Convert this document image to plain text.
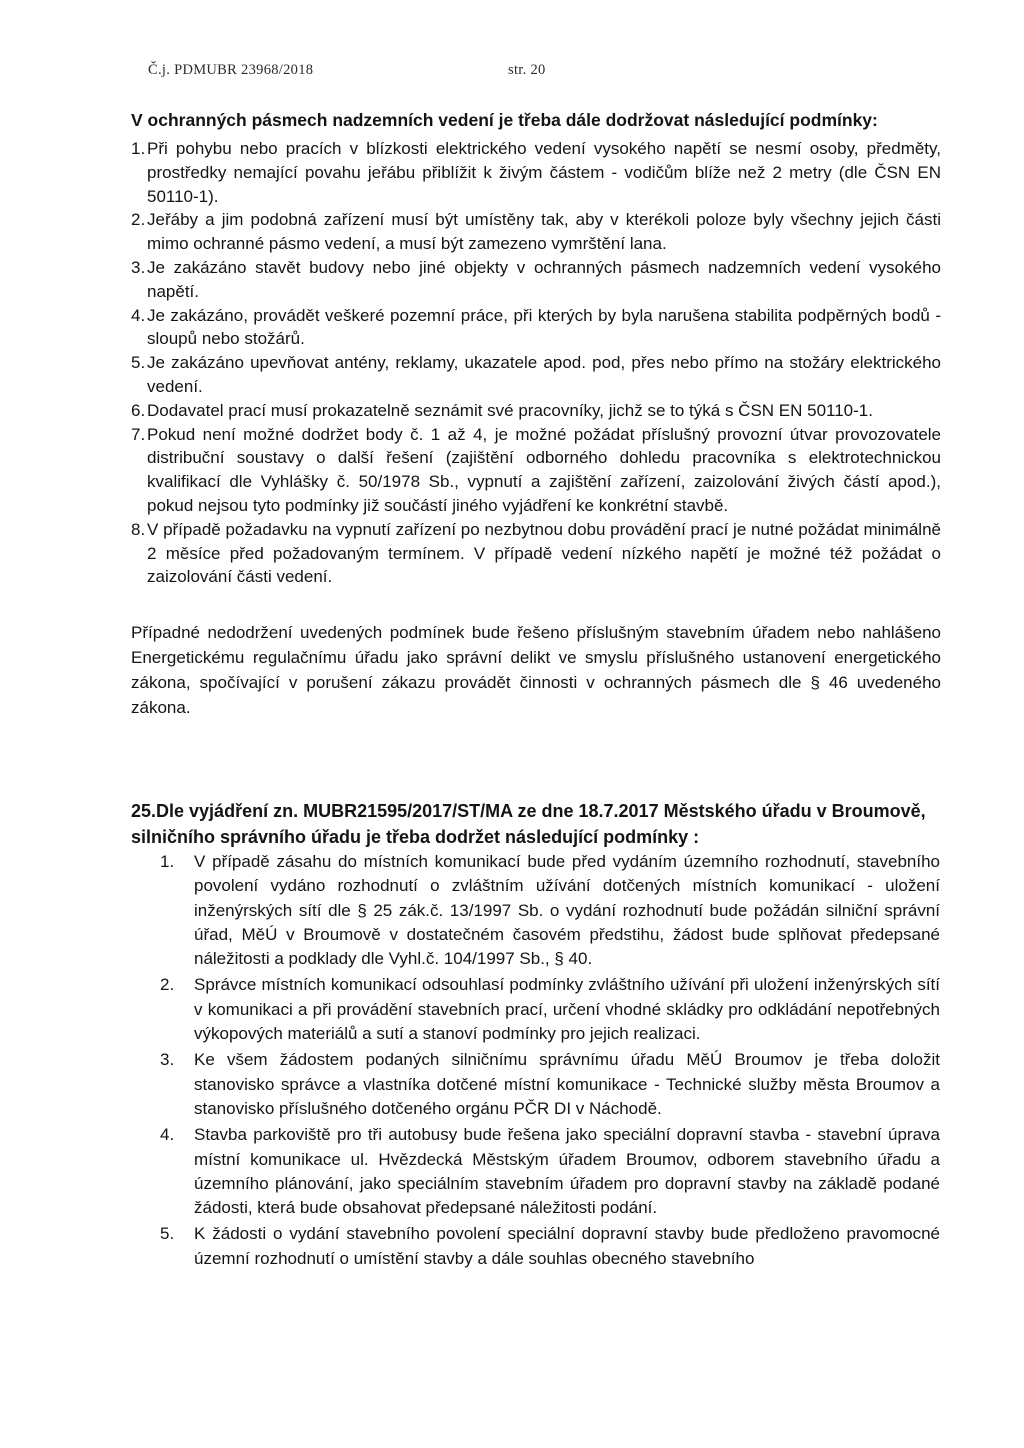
Č.j. PDMUBR 23968/2018	str. 20
V ochranných pásmech nadzemních vedení je třeba dále dodržovat následující podmínky:
1. Při pohybu nebo pracích v blízkosti elektrického vedení vysokého napětí se nesmí osoby, předměty, prostředky nemající povahu jeřábu přiblížit k živým částem - vodičům blíže než 2 metry (dle ČSN EN 50110-1).
2. Jeřáby a jim podobná zařízení musí být umístěny tak, aby v kterékoli poloze byly všechny jejich části mimo ochranné pásmo vedení, a musí být zamezeno vymrštění lana.
3. Je zakázáno stavět budovy nebo jiné objekty v ochranných pásmech nadzemních vedení vysokého napětí.
4. Je zakázáno, provádět veškeré pozemní práce, při kterých by byla narušena stabilita podpěrných bodů - sloupů nebo stožárů.
5. Je zakázáno upevňovat antény, reklamy, ukazatele apod. pod, přes nebo přímo na stožáry elektrického vedení.
6. Dodavatel prací musí prokazatelně seznámit své pracovníky, jichž se to týká s ČSN EN 50110-1.
7. Pokud není možné dodržet body č. 1 až 4, je možné požádat příslušný provozní útvar provozovatele distribuční soustavy o další řešení (zajištění odborného dohledu pracovníka s elektrotechnickou kvalifikací dle Vyhlášky č. 50/1978 Sb., vypnutí a zajištění zařízení, zaizolování živých částí apod.), pokud nejsou tyto podmínky již součástí jiného vyjádření ke konkrétní stavbě.
8. V případě požadavku na vypnutí zařízení po nezbytnou dobu provádění prací je nutné požádat minimálně 2 měsíce před požadovaným termínem. V případě vedení nízkého napětí je možné též požádat o zaizolování části vedení.
Případné nedodržení uvedených podmínek bude řešeno příslušným stavebním úřadem nebo nahlášeno Energetickému regulačnímu úřadu jako správní delikt ve smyslu příslušného ustanovení energetického zákona, spočívající v porušení zákazu provádět činnosti v ochranných pásmech dle § 46 uvedeného zákona.
25.Dle vyjádření zn. MUBR21595/2017/ST/MA ze dne 18.7.2017 Městského úřadu v Broumově, silničního správního úřadu je třeba dodržet následující podmínky :
1. V případě zásahu do místních komunikací bude před vydáním územního rozhodnutí, stavebního povolení vydáno rozhodnutí o zvláštním užívání dotčených místních komunikací - uložení inženýrských sítí dle § 25 zák.č. 13/1997 Sb. o vydání rozhodnutí bude požádán silniční správní úřad, MěÚ v Broumově v dostatečném časovém předstihu, žádost bude splňovat předepsané náležitosti a podklady dle Vyhl.č. 104/1997 Sb., § 40.
2. Správce místních komunikací odsouhlasí podmínky zvláštního užívání při uložení inženýrských sítí v komunikaci a při provádění stavebních prací, určení vhodné skládky pro odkládání nepotřebných výkopových materiálů a sutí a stanoví podmínky pro jejich realizaci.
3. Ke všem žádostem podaných silničnímu správnímu úřadu MěÚ Broumov je třeba doložit stanovisko správce a vlastníka dotčené místní komunikace - Technické služby města Broumov a stanovisko příslušného dotčeného orgánu PČR DI v Náchodě.
4. Stavba parkoviště pro tři autobusy bude řešena jako speciální dopravní stavba - stavební úprava místní komunikace ul. Hvězdecká Městským úřadem Broumov, odborem stavebního úřadu a územního plánování, jako speciálním stavebním úřadem pro dopravní stavby na základě podané žádosti, která bude obsahovat předepsané náležitosti podání.
5. K žádosti o vydání stavebního povolení speciální dopravní stavby bude předloženo pravomocné územní rozhodnutí o umístění stavby a dále souhlas obecného stavebního
